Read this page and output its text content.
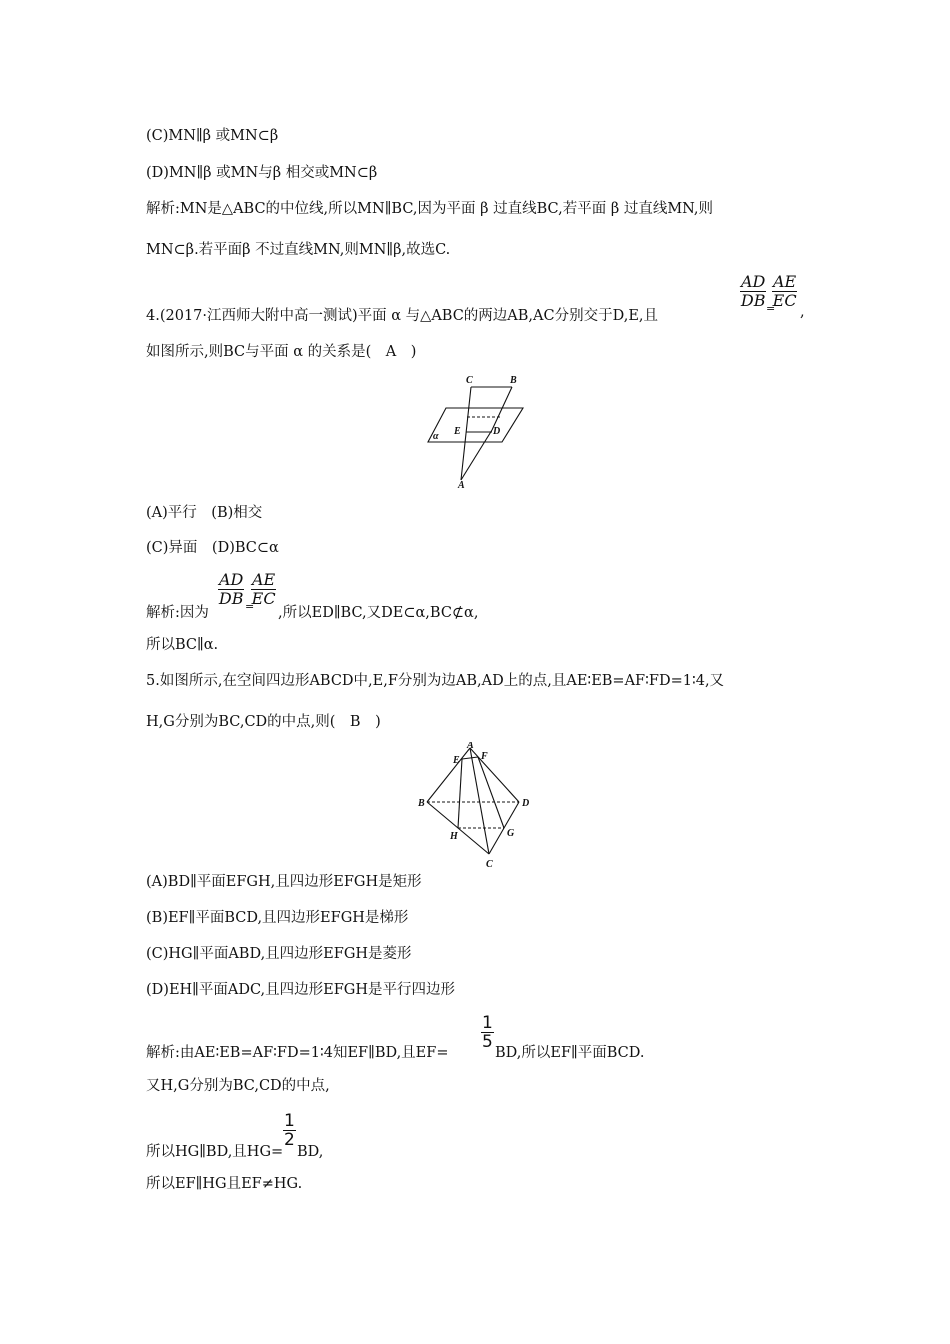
(C)MN∥β 或MN⊂β
(D)MN∥β 或MN与β 相交或MN⊂β
解析:MN是△ABC的中位线,所以MN∥BC,因为平面 β 过直线BC,若平面 β 过直线MN,则
MN⊂β.若平面β 不过直线MN,则MN∥β,故选C.
4.(2017·江西师大附中高一测试)平面 α 与△ABC的两边AB,AC分别交于D,E,且
$\frac{AD}{DB}$ =
$\frac{AE}{EC}$
,
如图所示,则BC与平面 α 的关系是(　A　)
C	B
E	D
α
A
(A)平行　(B)相交
(C)异面　(D)BC⊂α
解析:因为
$\frac{AD}{DB}$ =
$\frac{AE}{EC}$
,所以ED∥BC,又DE⊂α,BC⊄α,
所以BC∥α.
5.如图所示,在空间四边形ABCD中,E,F分别为边AB,AD上的点,且AE∶EB=AF∶FD=1∶4,又
H,G分别为BC,CD的中点,则(　B　)
A
E F
B	D
H	G
C
(A)BD∥平面EFGH,且四边形EFGH是矩形
(B)EF∥平面BCD,且四边形EFGH是梯形
(C)HG∥平面ABD,且四边形EFGH是菱形
(D)EH∥平面ADC,且四边形EFGH是平行四边形
解析:由AE∶EB=AF∶FD=1∶4知EF∥BD,且EF=
$\frac{1}{5}$
BD,所以EF∥平面BCD.
又H,G分别为BC,CD的中点,
所以HG∥BD,且HG=
$\frac{1}{2}$
BD,
所以EF∥HG且EF≠HG.
